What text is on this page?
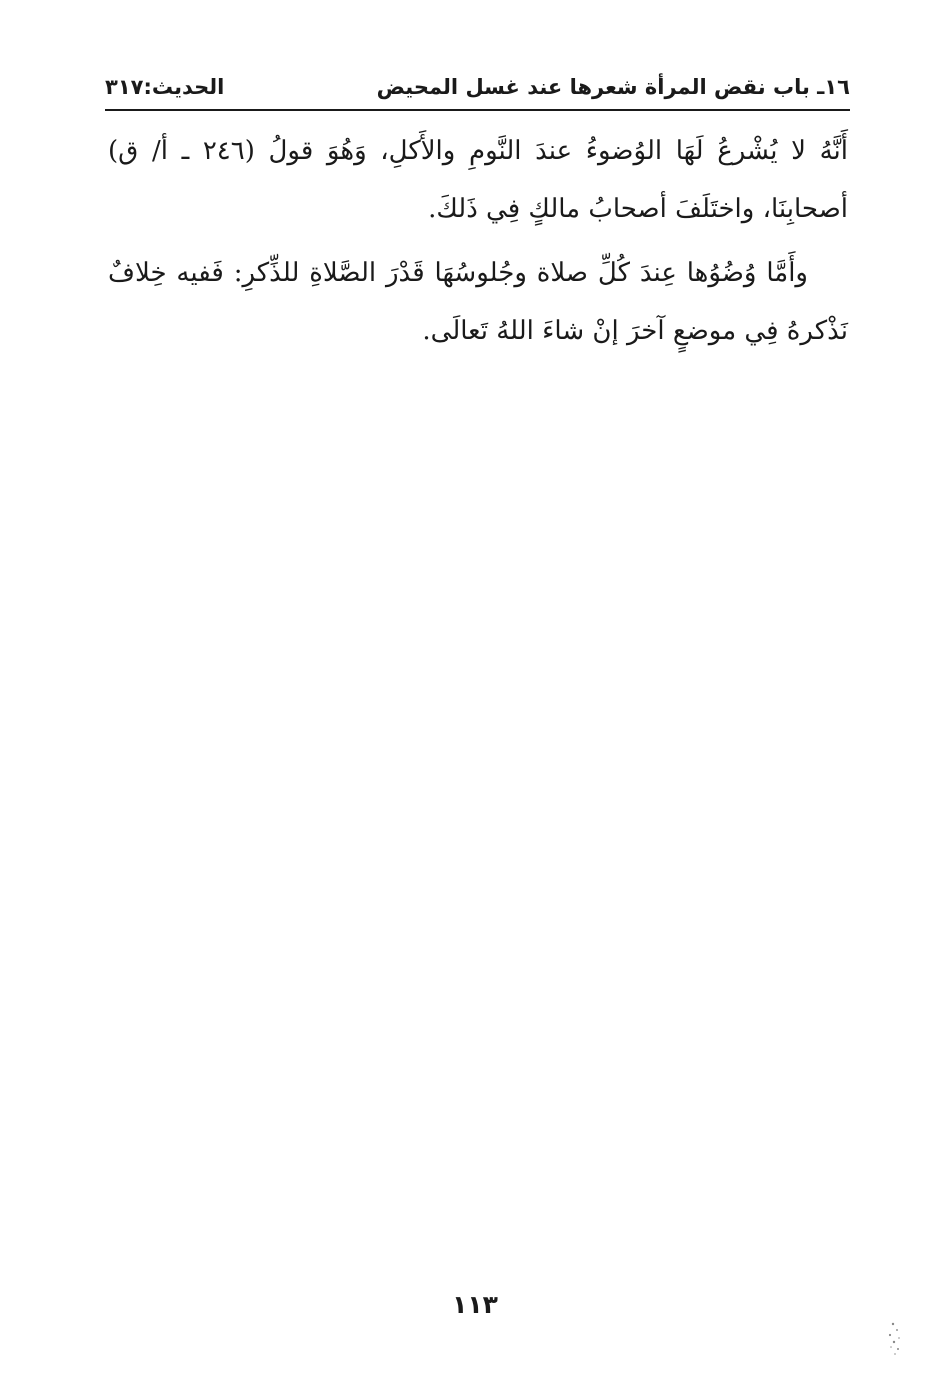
١٦ـ باب نقض المرأة شعرها عند غسل المحيض
الحديث:٣١٧

أَنَّهُ لا يُشْرعُ لَهَا الوُضوءُ عندَ النَّومِ والأَكلِ، وَهُوَ قولُ (٢٤٦ ـ أ/ ق) أصحابِنَا، واختَلَفَ أصحابُ مالكٍ فِي ذَلكَ.

وأَمَّا وُضُوُها عِندَ كُلِّ صلاة وجُلوسُهَا قَدْرَ الصَّلاةِ للذِّكرِ: فَفيه خِلافٌ نَذْكرهُ فِي موضعٍ آخرَ إنْ شاءَ اللهُ تَعالَى.

١١٣
